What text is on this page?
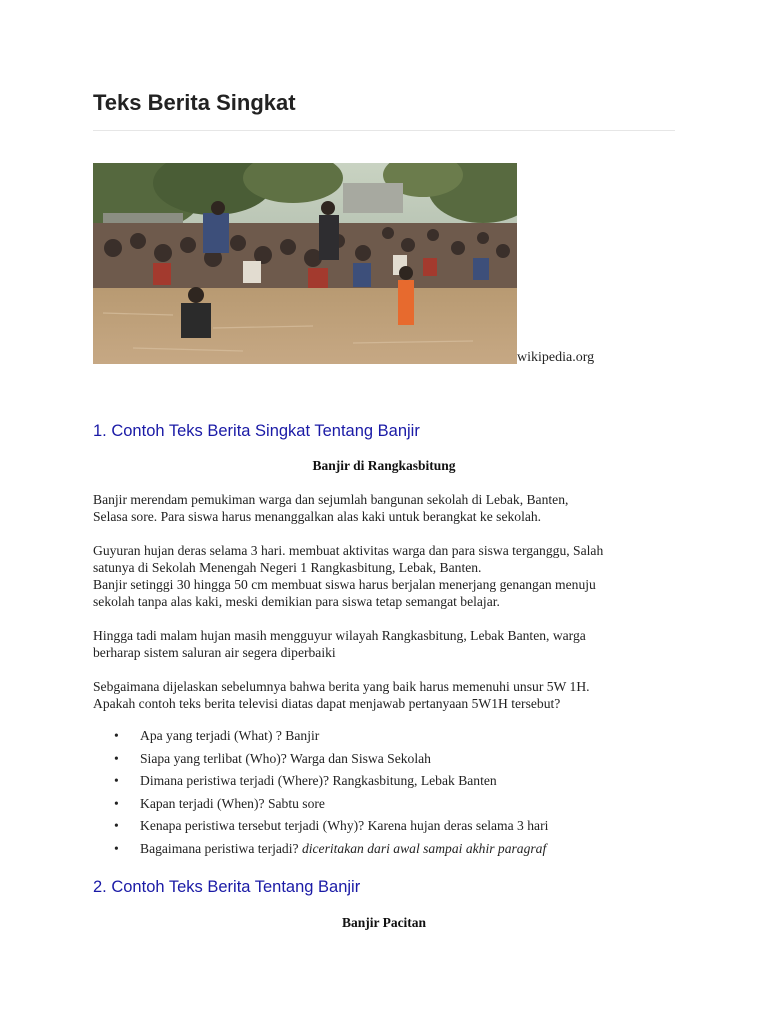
Teks Berita Singkat
wikipedia.org
1. Contoh Teks Berita Singkat Tentang Banjir
Banjir di Rangkasbitung
Banjir merendam pemukiman warga dan sejumlah bangunan sekolah di Lebak, Banten,
Selasa sore. Para siswa harus menanggalkan alas kaki untuk berangkat ke sekolah.
Guyuran hujan deras selama 3 hari. membuat aktivitas warga dan para siswa terganggu, Salah
satunya di Sekolah Menengah Negeri 1 Rangkasbitung, Lebak, Banten.
Banjir setinggi 30 hingga 50 cm membuat siswa harus berjalan menerjang genangan menuju
sekolah tanpa alas kaki, meski demikian para siswa tetap semangat belajar.
Hingga tadi malam hujan masih mengguyur wilayah Rangkasbitung, Lebak Banten, warga
berharap sistem saluran air segera diperbaiki
Sebgaimana dijelaskan sebelumnya bahwa berita yang baik harus memenuhi unsur 5W 1H.
Apakah contoh teks berita televisi diatas dapat menjawab pertanyaan 5W1H tersebut?
• Apa yang terjadi (What) ? Banjir
• Siapa yang terlibat (Who)? Warga dan Siswa Sekolah
• Dimana peristiwa terjadi (Where)? Rangkasbitung, Lebak Banten
• Kapan terjadi (When)? Sabtu sore
• Kenapa peristiwa tersebut terjadi (Why)? Karena hujan deras selama 3 hari
• Bagaimana peristiwa terjadi? diceritakan dari awal sampai akhir paragraf
2. Contoh Teks Berita Tentang Banjir
Banjir Pacitan
